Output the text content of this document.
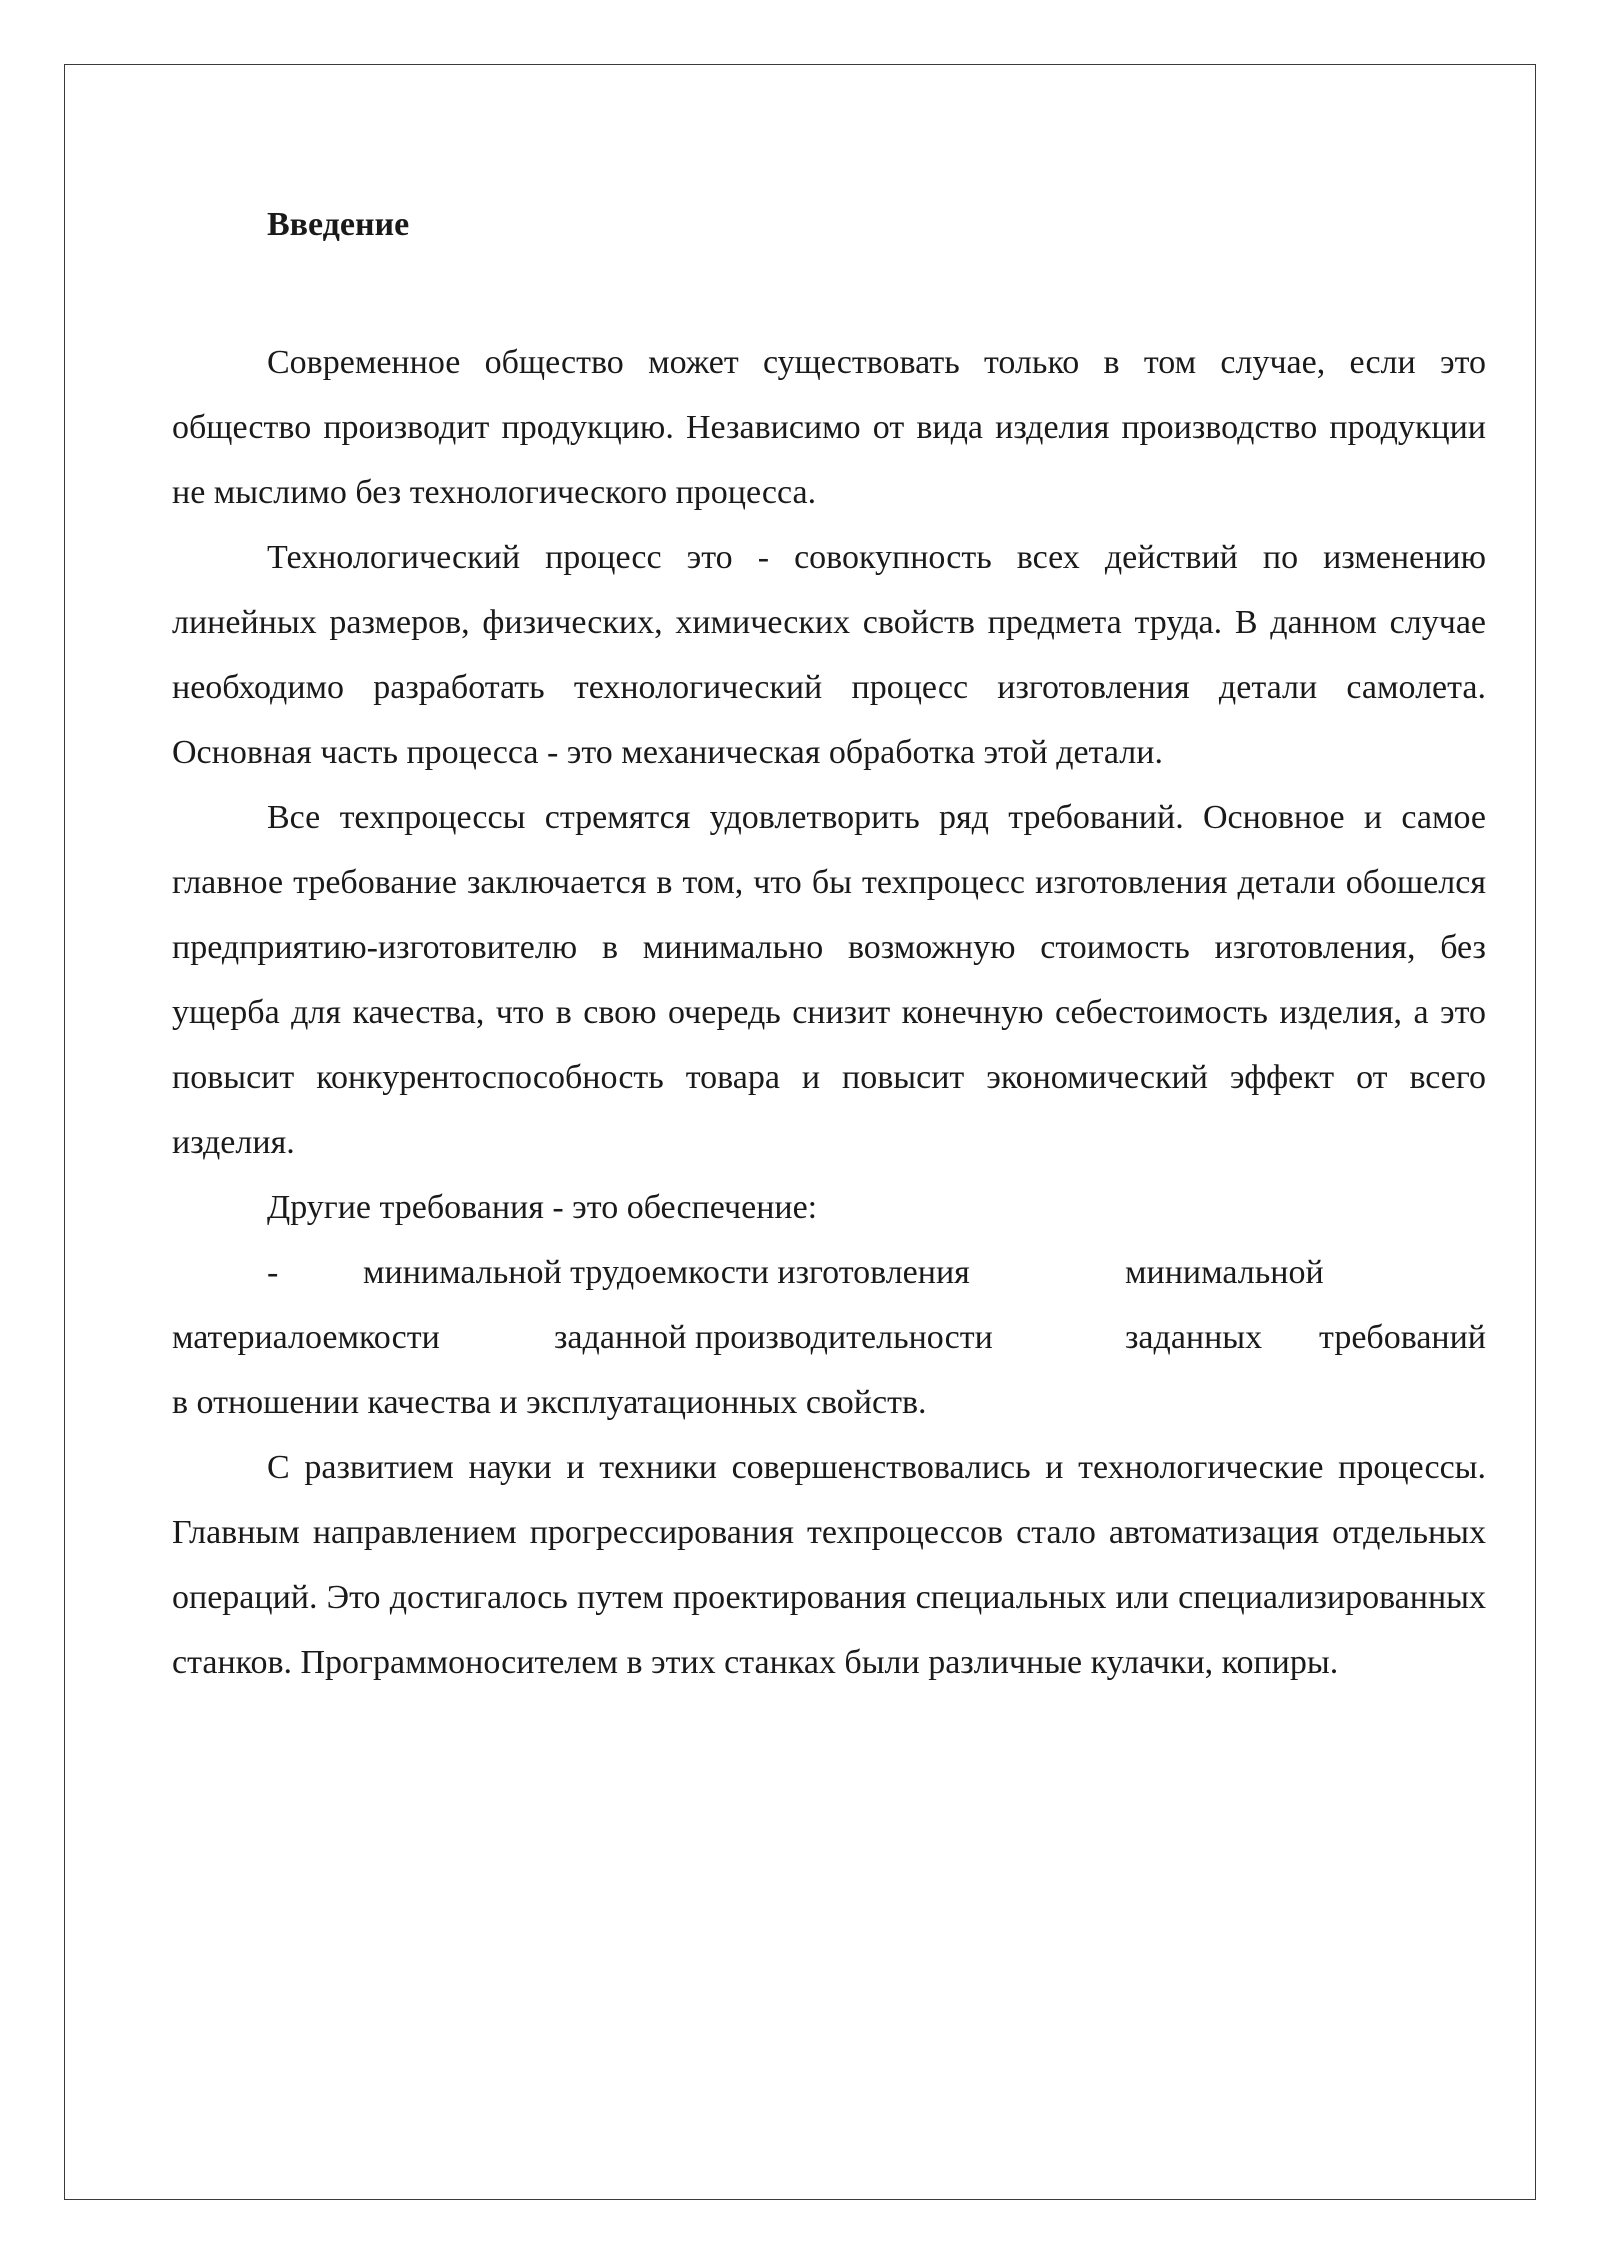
Введение

Современное общество может существовать только в том случае, если это общество производит продукцию. Независимо от вида изделия производство продукции не мыслимо без технологического процесса.

Технологический процесс это - совокупность всех действий по изменению линейных размеров, физических, химических свойств предмета труда. В данном случае необходимо разработать технологический процесс изготовления детали самолета. Основная часть процесса - это механическая обработка этой детали.

Все техпроцессы стремятся удовлетворить ряд требований. Основное и самое главное требование заключается в том, что бы техпроцесс изготовления детали обошелся предприятию-изготовителю в минимально возможную стоимость изготовления, без ущерба для качества, что в свою очередь снизит конечную себестоимость изделия, а это повысит конкурентоспособность товара и повысит экономический эффект от всего изделия.

Другие требования - это обеспечение:

- минимальной трудоемкости изготовления	минимальной
материалоемкости	заданной производительности	заданных требований

в отношении качества и эксплуатационных свойств.

С развитием науки и техники совершенствовались и технологические процессы. Главным направлением прогрессирования техпроцессов стало автоматизация отдельных операций. Это достигалось путем проектирования специальных или специализированных станков. Программоносителем в этих станках были различные кулачки, копиры.
